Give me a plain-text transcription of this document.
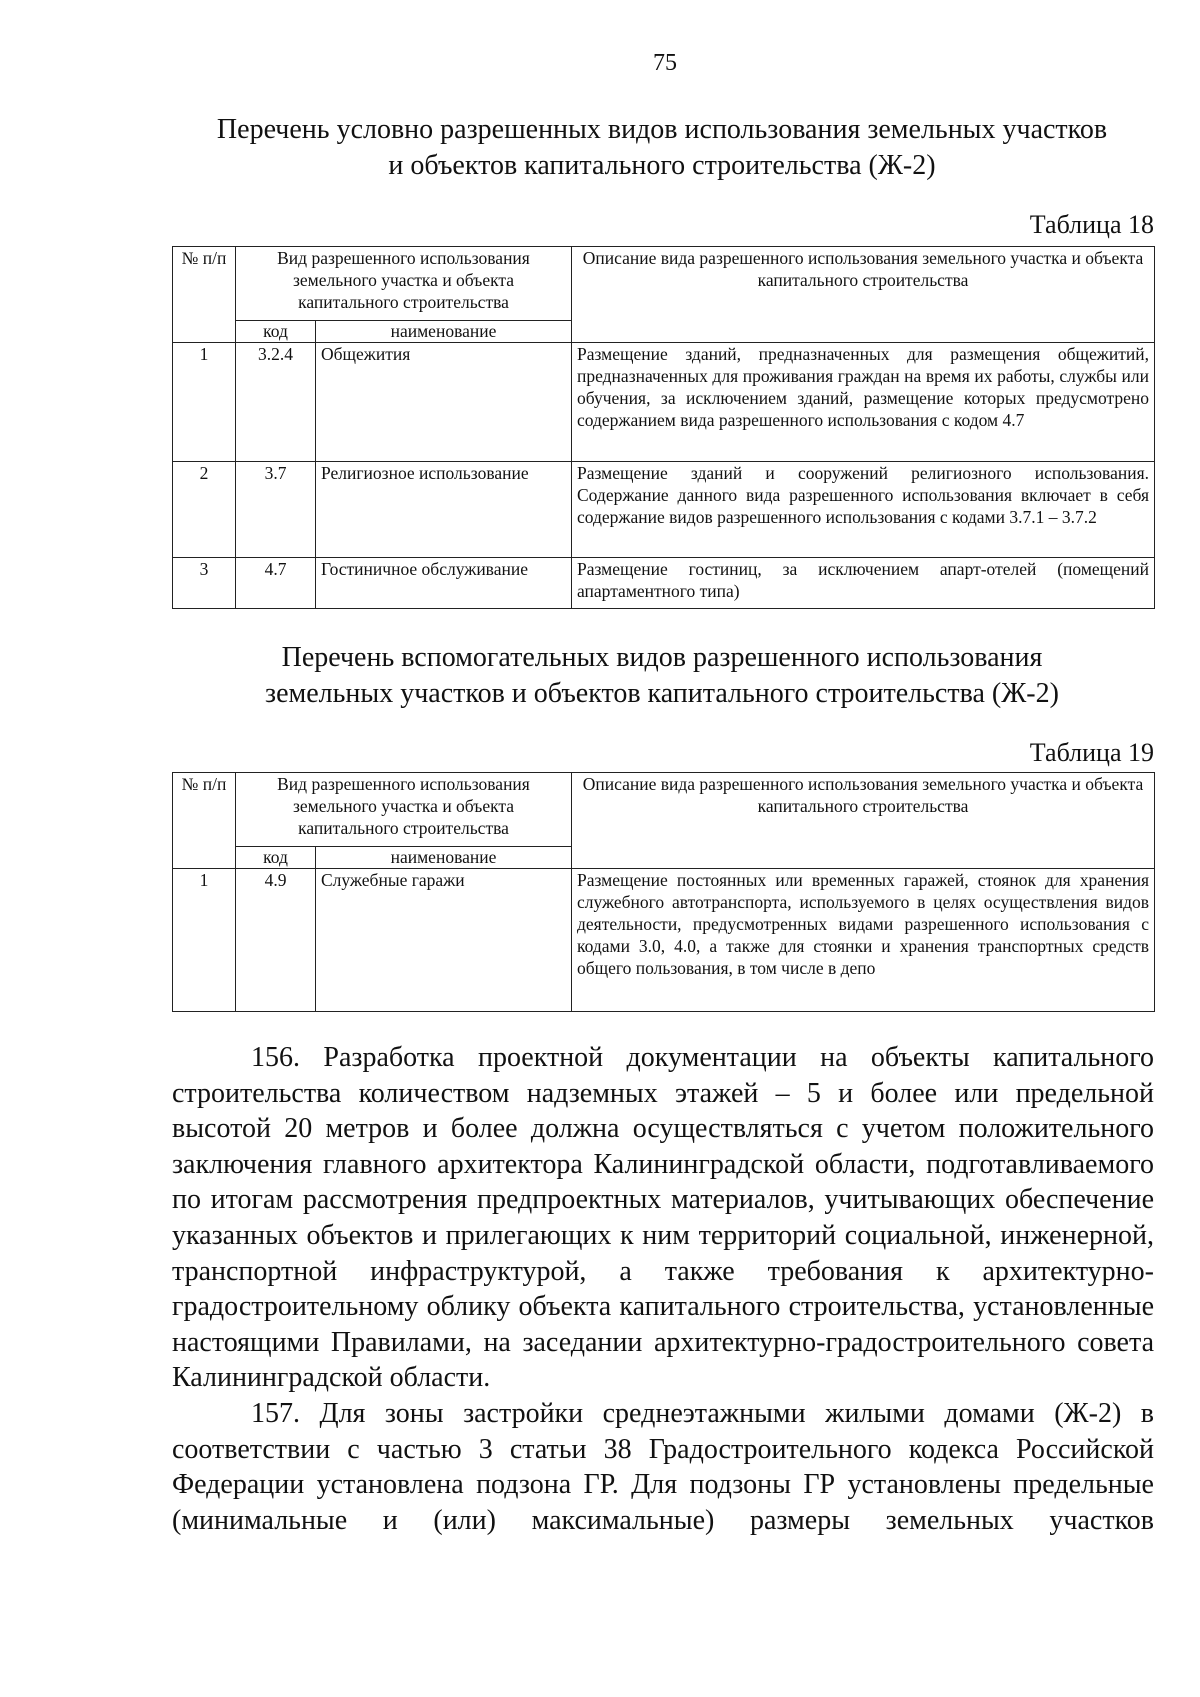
75
Перечень условно разрешенных видов использования земельных участков
и объектов капитального строительства (Ж-2)
Таблица 18
№ п/п	Вид разрешенного использования земельного участка и объекта капитального строительства		Описание вида разрешенного использования земельного участка и объекта капитального строительства
	код	наименование	
1	3.2.4	Общежития	Размещение зданий, предназначенных для размещения общежитий, предназначенных для проживания граждан на время их работы, службы или обучения, за исключением зданий, размещение которых предусмотрено содержанием вида разрешенного использования с кодом 4.7
2	3.7	Религиозное использование	Размещение зданий и сооружений религиозного использования. Содержание данного вида разрешенного использования включает в себя содержание видов разрешенного использования с кодами 3.7.1 – 3.7.2
3	4.7	Гостиничное обслуживание	Размещение гостиниц, за исключением апарт-отелей (помещений апартаментного типа)
Перечень вспомогательных видов разрешенного использования
земельных участков и объектов капитального строительства (Ж-2)
Таблица 19
№ п/п	Вид разрешенного использования земельного участка и объекта капитального строительства		Описание вида разрешенного использования земельного участка и объекта капитального строительства
	код	наименование	
1	4.9	Служебные гаражи	Размещение постоянных или временных гаражей, стоянок для хранения служебного автотранспорта, используемого в целях осуществления видов деятельности, предусмотренных видами разрешенного использования с кодами 3.0, 4.0, а также для стоянки и хранения транспортных средств общего пользования, в том числе в депо

156. Разработка проектной документации на объекты капитального строительства количеством надземных этажей – 5 и более или предельной высотой 20 метров и более должна осуществляться с учетом положительного заключения главного архитектора Калининградской области, подготавливаемого по итогам рассмотрения предпроектных материалов, учитывающих обеспечение указанных объектов и прилегающих к ним территорий социальной, инженерной, транспортной инфраструктурой, а также требования к архитектурно-градостроительному облику объекта капитального строительства, установленные настоящими Правилами, на заседании архитектурно-градостроительного совета Калининградской области.

157. Для зоны застройки среднеэтажными жилыми домами (Ж-2) в соответствии с частью 3 статьи 38 Градостроительного кодекса Российской Федерации установлена подзона ГР. Для подзоны ГР установлены предельные (минимальные и (или) максимальные) размеры земельных участков
